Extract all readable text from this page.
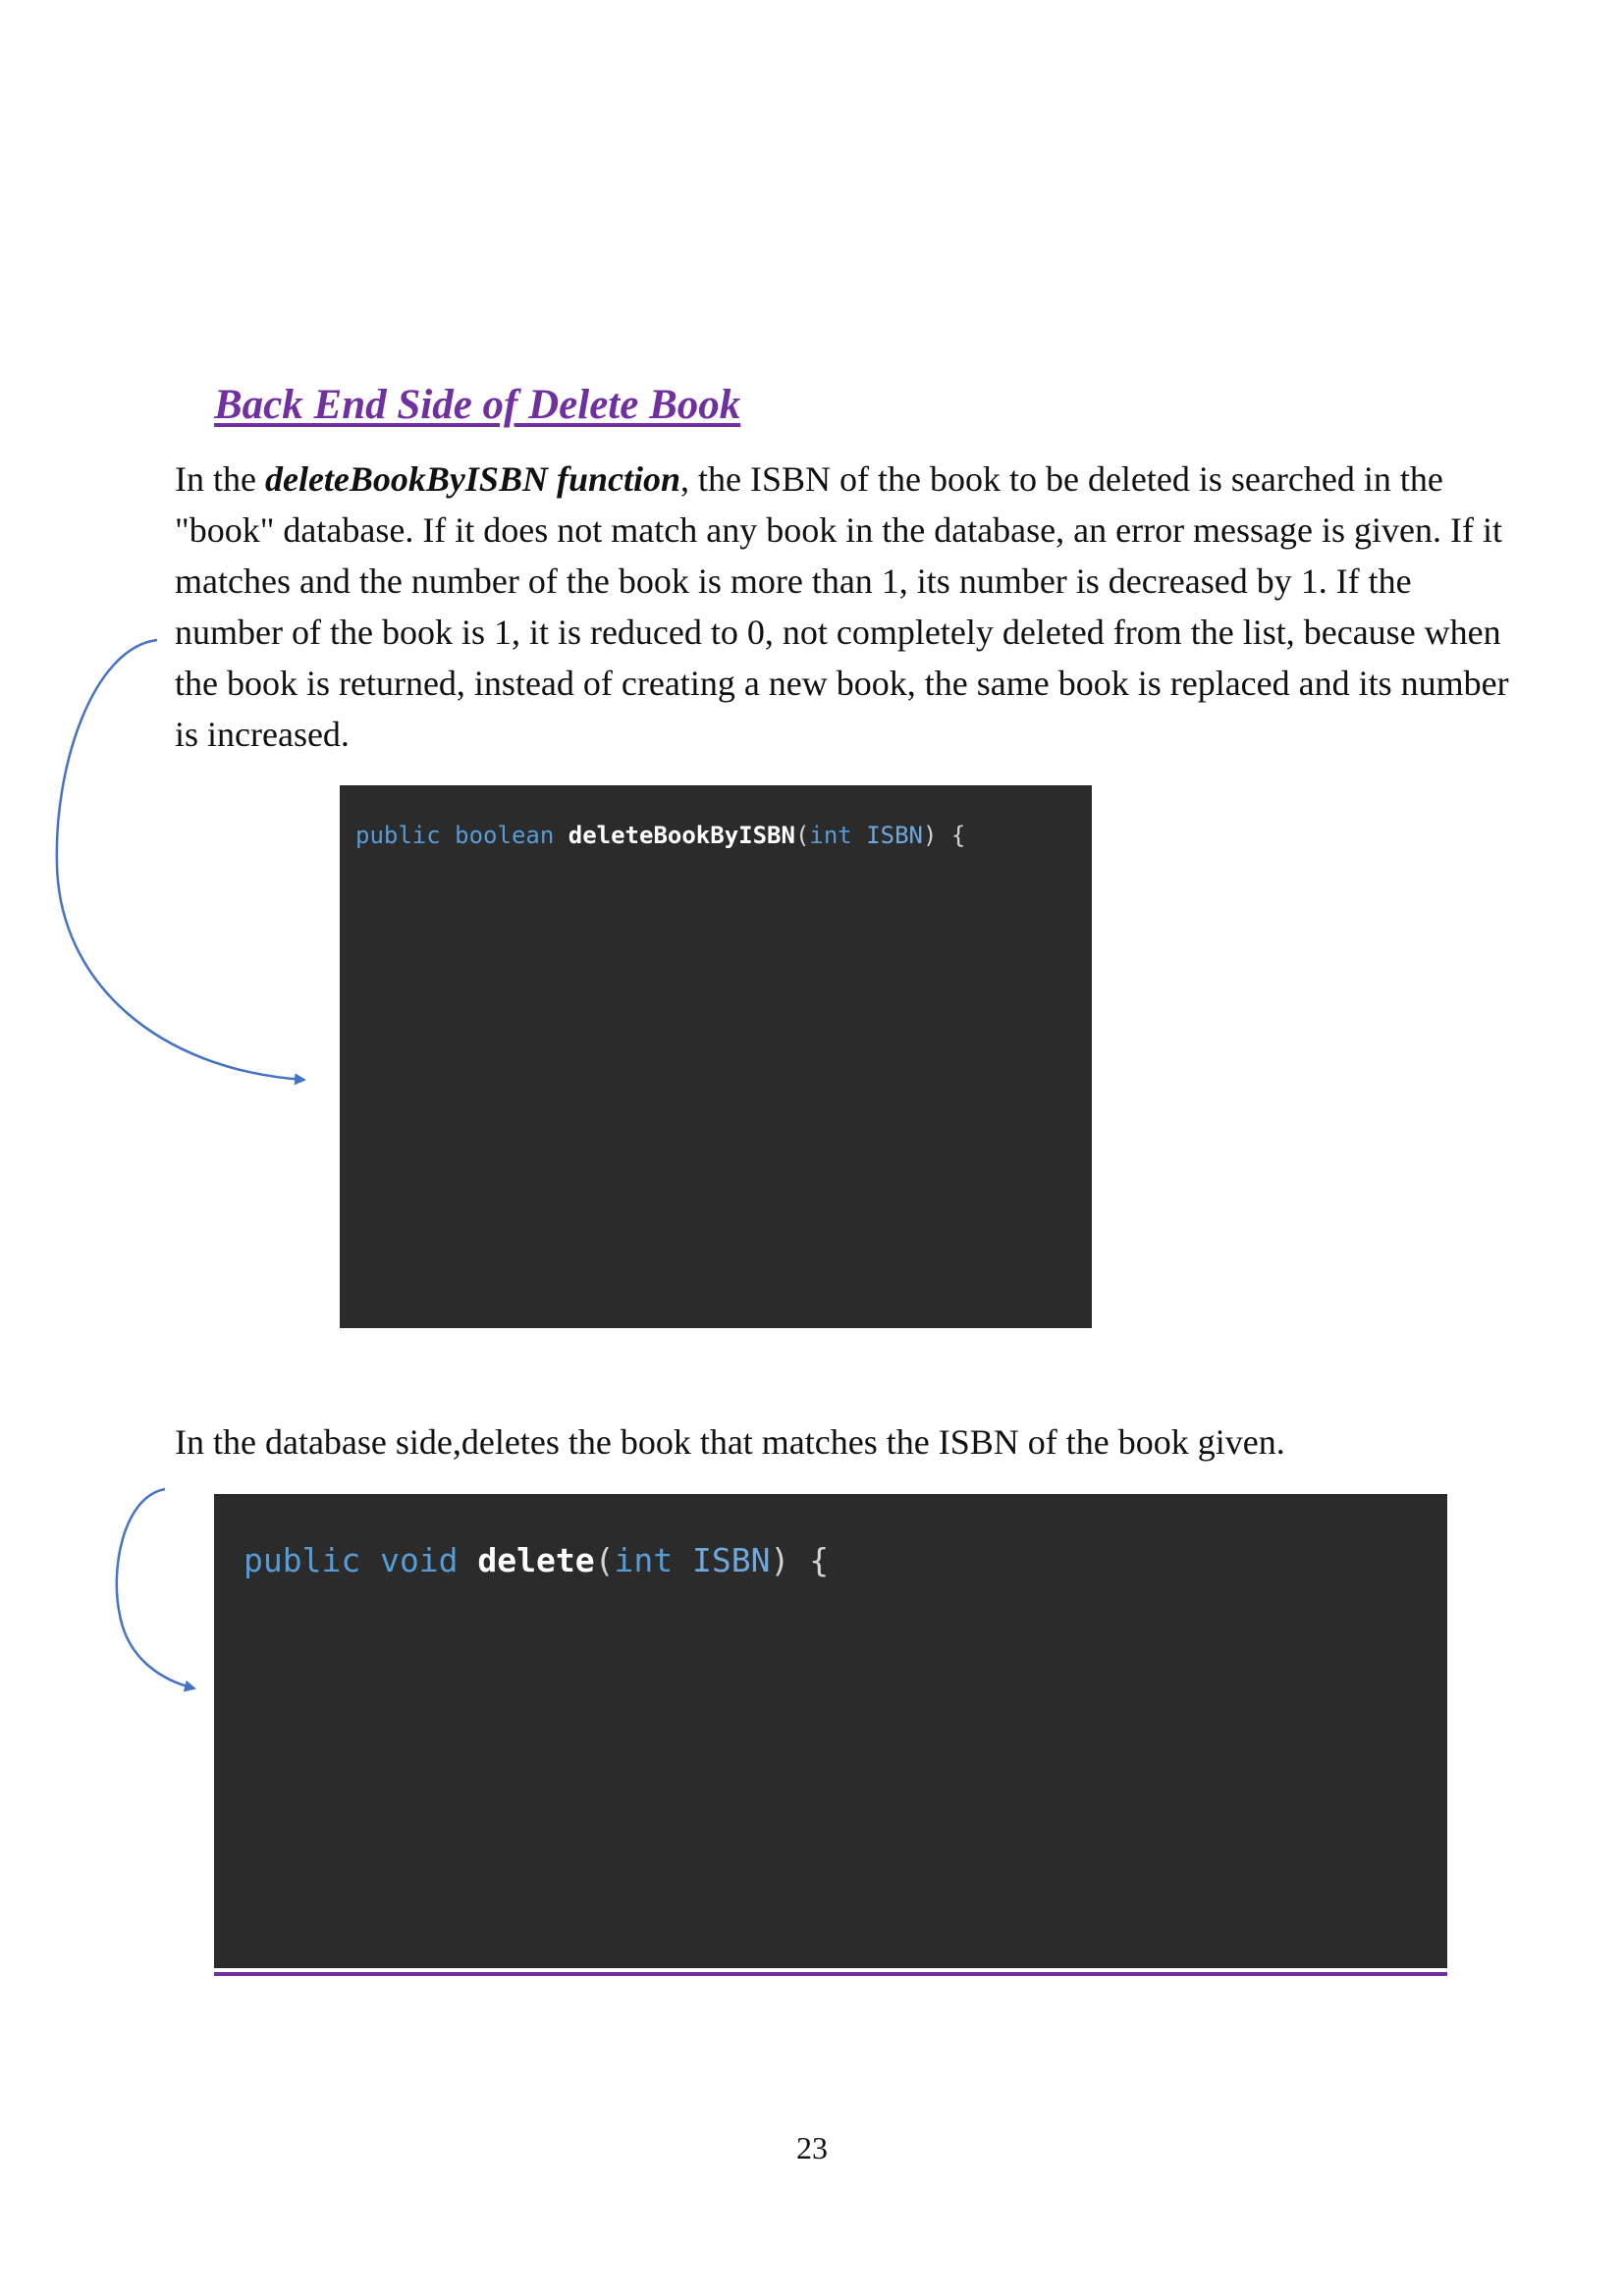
Back End Side of Delete Book

In the deleteBookByISBN function, the ISBN of the book to be deleted is searched in the "book" database. If it does not match any book in the database, an error message is given. If it matches and the number of the book is more than 1, its number is decreased by 1. If the number of the book is 1, it is reduced to 0, not completely deleted from the list, because when the book is returned, instead of creating a new book, the same book is replaced and its number is increased.

public boolean deleteBookByISBN(int ISBN) {

In the database side,deletes the book that matches the ISBN of the book given.

public void delete(int ISBN) {

23
